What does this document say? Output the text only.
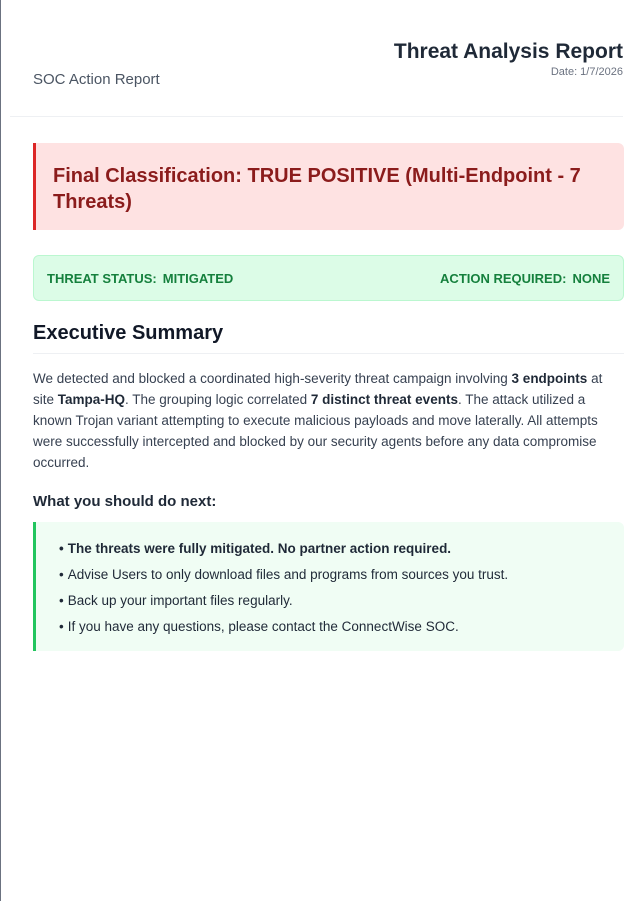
SOC Action Report
Threat Analysis Report
Date: 1/7/2026
Final Classification: TRUE POSITIVE (Multi-Endpoint - 7 Threats)
THREAT STATUS: MITIGATED	ACTION REQUIRED: NONE
Executive Summary
We detected and blocked a coordinated high-severity threat campaign involving 3 endpoints at site Tampa-HQ. The grouping logic correlated 7 distinct threat events. The attack utilized a known Trojan variant attempting to execute malicious payloads and move laterally. All attempts were successfully intercepted and blocked by our security agents before any data compromise occurred.
What you should do next:
• The threats were fully mitigated. No partner action required.
• Advise Users to only download files and programs from sources you trust.
• Back up your important files regularly.
• If you have any questions, please contact the ConnectWise SOC.
